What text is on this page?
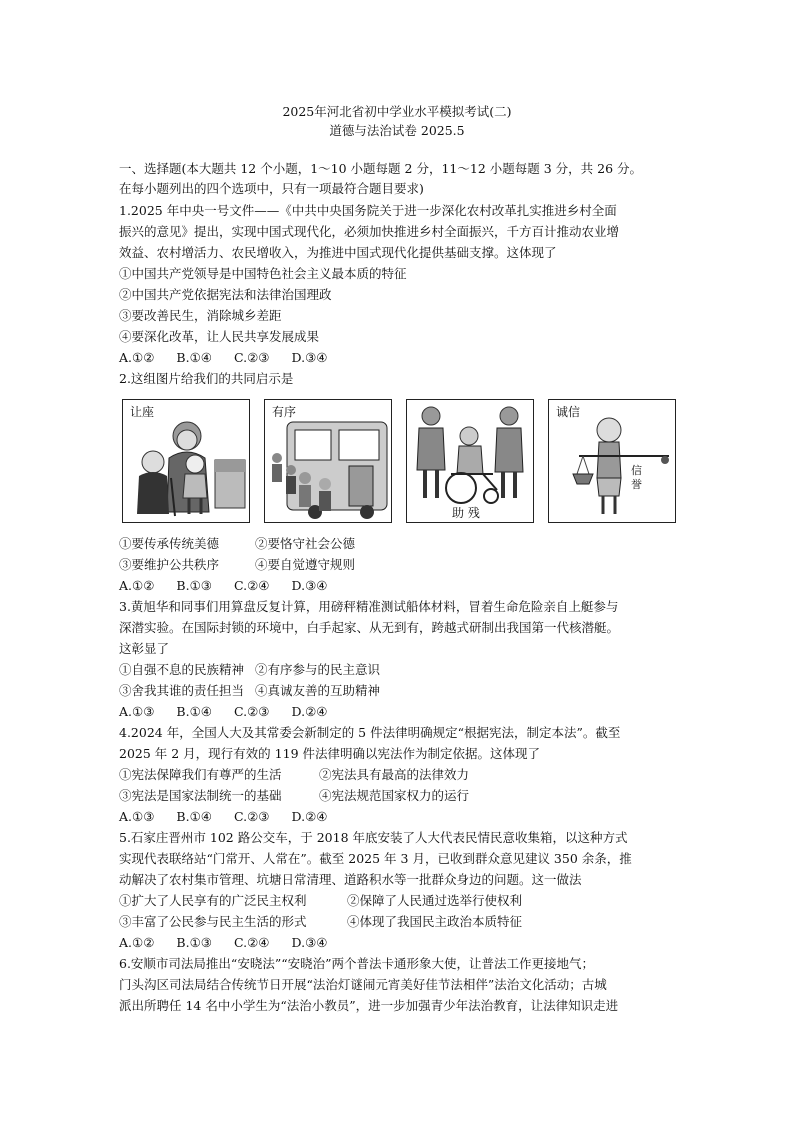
2025年河北省初中学业水平模拟考试(二)
道德与法治试卷 2025.5
一、选择题(本大题共 12 个小题，1～10 小题每题 2 分，11～12 小题每题 3 分，共 26 分。
在每小题列出的四个选项中，只有一项最符合题目要求)
1.2025 年中央一号文件——《中共中央国务院关于进一步深化农村改革扎实推进乡村全面
振兴的意见》提出，实现中国式现代化，必须加快推进乡村全面振兴，千方百计推动农业增
效益、农村增活力、农民增收入，为推进中国式现代化提供基础支撑。这体现了
①中国共产党领导是中国特色社会主义最本质的特征
②中国共产党依据宪法和法律治国理政
③要改善民生，消除城乡差距
④要深化改革，让人民共享发展成果
A.①② B.①④ C.②③ D.③④
2.这组图片给我们的共同启示是
让座	有序
助 残
诚信
信誉
①要传承传统美德	②要恪守社会公德
③要维护公共秩序	④要自觉遵守规则
A.①② B.①③ C.②④ D.③④
3.黄旭华和同事们用算盘反复计算，用磅秤精准测试船体材料，冒着生命危险亲自上艇参与
深潜实验。在国际封锁的环境中，白手起家、从无到有，跨越式研制出我国第一代核潜艇。
这彰显了
①自强不息的民族精神 ②有序参与的民主意识
③舍我其谁的责任担当 ④真诚友善的互助精神
A.①③ B.①④ C.②③ D.②④
4.2024 年，全国人大及其常委会新制定的 5 件法律明确规定“根据宪法，制定本法”。截至
2025 年 2 月，现行有效的 119 件法律明确以宪法作为制定依据。这体现了
①宪法保障我们有尊严的生活	②宪法具有最高的法律效力
③宪法是国家法制统一的基础	④宪法规范国家权力的运行
A.①③ B.①④ C.②③ D.②④
5.石家庄晋州市 102 路公交车，于 2018 年底安装了人大代表民情民意收集箱，以这种方式
实现代表联络站“门常开、人常在”。截至 2025 年 3 月，已收到群众意见建议 350 余条，推
动解决了农村集市管理、坑塘日常清理、道路积水等一批群众身边的问题。这一做法
①扩大了人民享有的广泛民主权利	②保障了人民通过选举行使权利
③丰富了公民参与民主生活的形式	④体现了我国民主政治本质特征
A.①② B.①③ C.②④ D.③④
6.安顺市司法局推出“安晓法”“安晓治”两个普法卡通形象大使，让普法工作更接地气；
门头沟区司法局结合传统节日开展“法治灯谜闹元宵美好佳节法相伴”法治文化活动；古城
派出所聘任 14 名中小学生为“法治小教员”，进一步加强青少年法治教育，让法律知识走进
